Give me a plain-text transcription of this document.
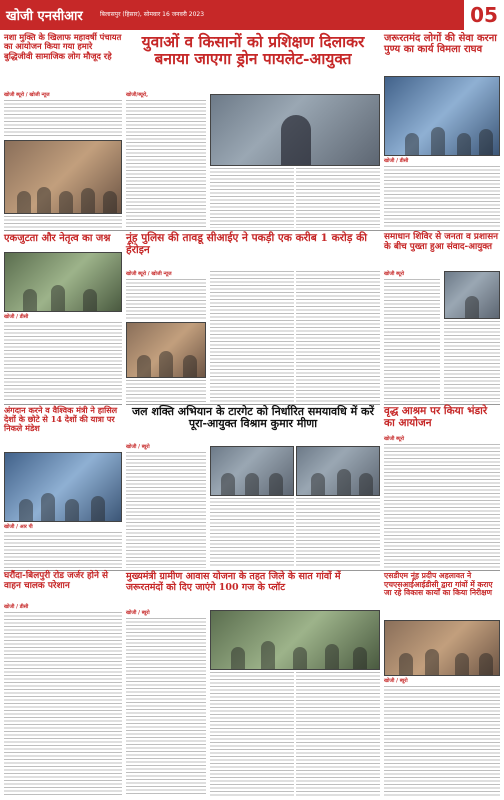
खोजी एनसीआर	बिलासपुर (हिसार), सोमवार 16 जनवरी 2023	05
नशा मुक्ति के खिलाफ महावर्षी पंचायत का आयोजन किया गया हमारे बुद्धिजीवी सामाजिक लोग मौजूद रहे
खोजी ब्यूरो / खोजी न्यूज
युवाओं व किसानों को प्रशिक्षण दिलाकर बनाया जाएगा ड्रोन पायलेट-आयुक्त
खोजी/ब्यूरो,
जरूरतमंद लोगों की सेवा करना पुण्य का कार्य विमला राघव
खोजी / डीसी
एकजुटता और नेतृत्व का जश्न
खोजी / डीसी
नूंह पुलिस की तावडू सीआईए ने पकड़ी एक करीब 1 करोड़ की हेरोइन
खोजी ब्यूरो / खोजी न्यूज
समाधान शिविर से जनता व प्रशासन के बीच पुख्ता हुआ संवाद-आयुक्त
खोजी ब्यूरो
अंगदान करने व वैश्विक मंत्री ने हासिल देशों के छोटे से 14 देशों की यात्रा पर निकले मंडेश
खोजी / आर पी
जल शक्ति अभियान के टारगेट को निर्धारित समयावधि में करें पूरा-आयुक्त विश्राम कुमार मीणा
खोजी / ब्यूरो
वृद्ध आश्रम पर किया भंडारे का आयोजन
खोजी ब्यूरो
घरौंदा-बिलपुरी रोड जर्जर होने से वाहन चालक परेशान
खोजी / डीसी
मुख्यमंत्री ग्रामीण आवास योजना के तहत जिले के सात गांवों में जरूरतमंदों को दिए जाएंगे 100 गज के प्लॉट
खोजी / ब्यूरो
एसडीएम नूंह प्रदीप अहलावत ने एचएसआईआईडीसी द्वारा गांवों में कराए जा रहे विकास कार्यों का किया निरीक्षण
खोजी / ब्यूरो
